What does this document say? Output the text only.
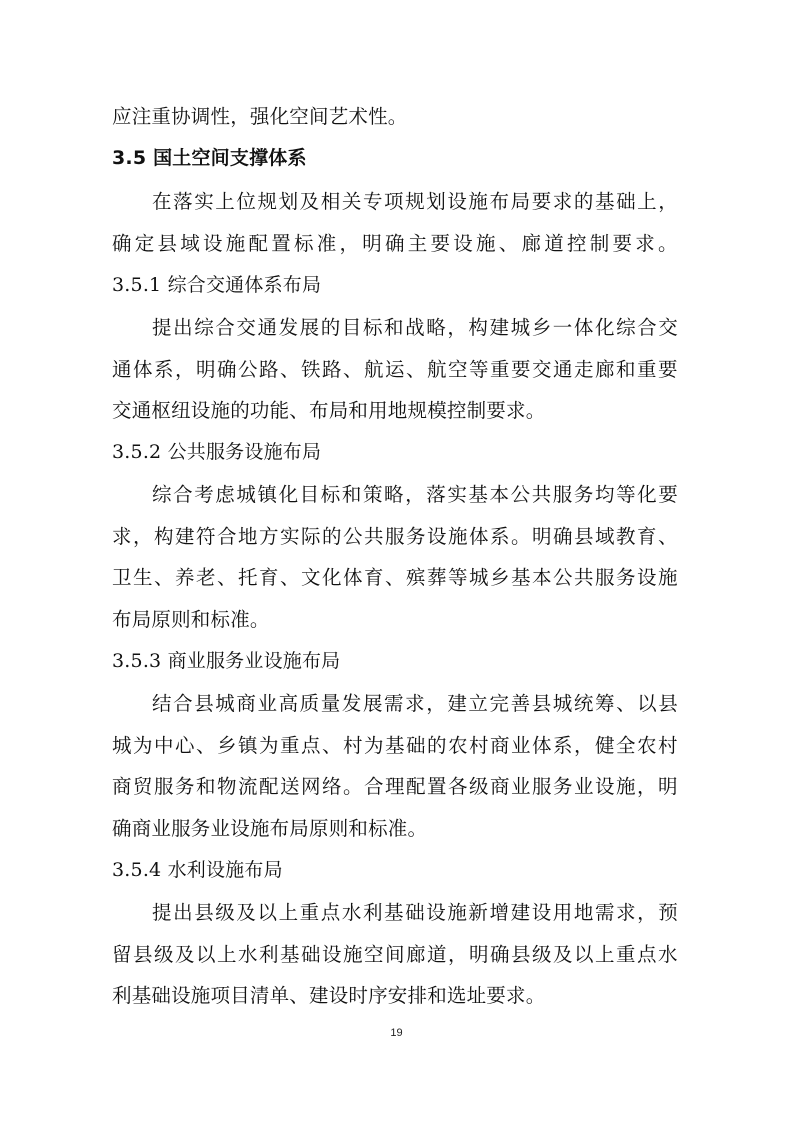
应注重协调性，强化空间艺术性。
3.5 国土空间支撑体系
在 落 实 上 位 规 划 及 相 关 专 项 规 划 设 施 布 局 要 求 的 基 础 上 ，
确 定 县 域 设 施 配 置 标 准 ， 明 确 主 要 设 施 、 廊 道 控 制 要 求 。
3.5.1 综合交通体系布局
提 出 综 合 交 通 发 展 的 目 标 和 战 略 ， 构 建 城 乡 一 体 化 综 合 交
通 体 系 ， 明 确 公 路 、 铁 路 、 航 运 、 航 空 等 重 要 交 通 走 廊 和 重 要
交通枢纽设施的功能、布局和用地规模控制要求。
3.5.2 公共服务设施布局
综 合 考 虑 城 镇 化 目 标 和 策 略 ， 落 实 基 本 公 共 服 务 均 等 化 要
求 ， 构 建 符 合 地 方 实 际 的 公 共 服 务 设 施 体 系 。 明 确 县 域 教 育 、
卫 生 、 养 老 、 托 育 、 文 化 体 育 、 殡 葬 等 城 乡 基 本 公 共 服 务 设 施
布局原则和标准。
3.5.3 商业服务业设施布局
结 合 县 城 商 业 高 质 量 发 展 需 求 ， 建 立 完 善 县 城 统 筹 、 以 县
城 为 中 心 、 乡 镇 为 重 点 、 村 为 基 础 的 农 村 商 业 体 系 ， 健 全 农 村
商 贸 服 务 和 物 流 配 送 网 络 。 合 理 配 置 各 级 商 业 服 务 业 设 施 ， 明
确商业服务业设施布局原则和标准。
3.5.4 水利设施布局
提 出 县 级 及 以 上 重 点 水 利 基 础 设 施 新 增 建 设 用 地 需 求 ， 预
留 县 级 及 以 上 水 利 基 础 设 施 空 间 廊 道 ， 明 确 县 级 及 以 上 重 点 水
利基础设施项目清单、建设时序安排和选址要求。
19
